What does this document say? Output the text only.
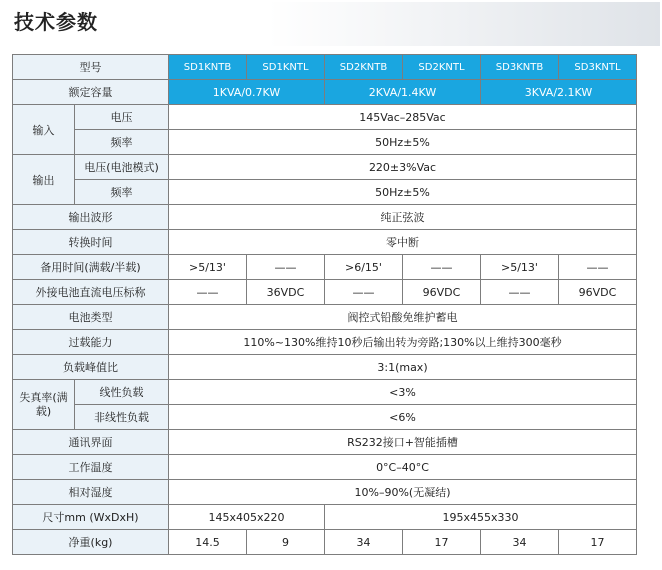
技术参数
型号		SD1KNTB	SD1KNTL	SD2KNTB	SD2KNTL	SD3KNTB	SD3KNTL
额定容量		1KVA/0.7KW		2KVA/1.4KW		3KVA/2.1KW	
输入	电压	145Vac–285Vac					
	频率	50Hz±5%					
输出	电压(电池模式)	220±3%Vac					
	频率	50Hz±5%					
输出波形		纯正弦波					
转换时间		零中断					
备用时间(满载/半载)		>5/13'	——	>6/15'	——	>5/13'	——
外接电池直流电压标称		——	36VDC	——	96VDC	——	96VDC
电池类型		阀控式铅酸免维护蓄电					
过载能力		110%~130%维持10秒后输出转为旁路;130%以上维持300毫秒					
负载峰值比		3:1(max)					
失真率(满载)	线性负载	<3%					
	非线性负载	<6%					
通讯界面		RS232接口+智能插槽					
工作温度		0°C–40°C					
相对湿度		10%–90%(无凝结)					
尺寸mm (WxDxH)		145x405x220		195x455x330			
净重(kg)		14.5	9	34	17	34	17
